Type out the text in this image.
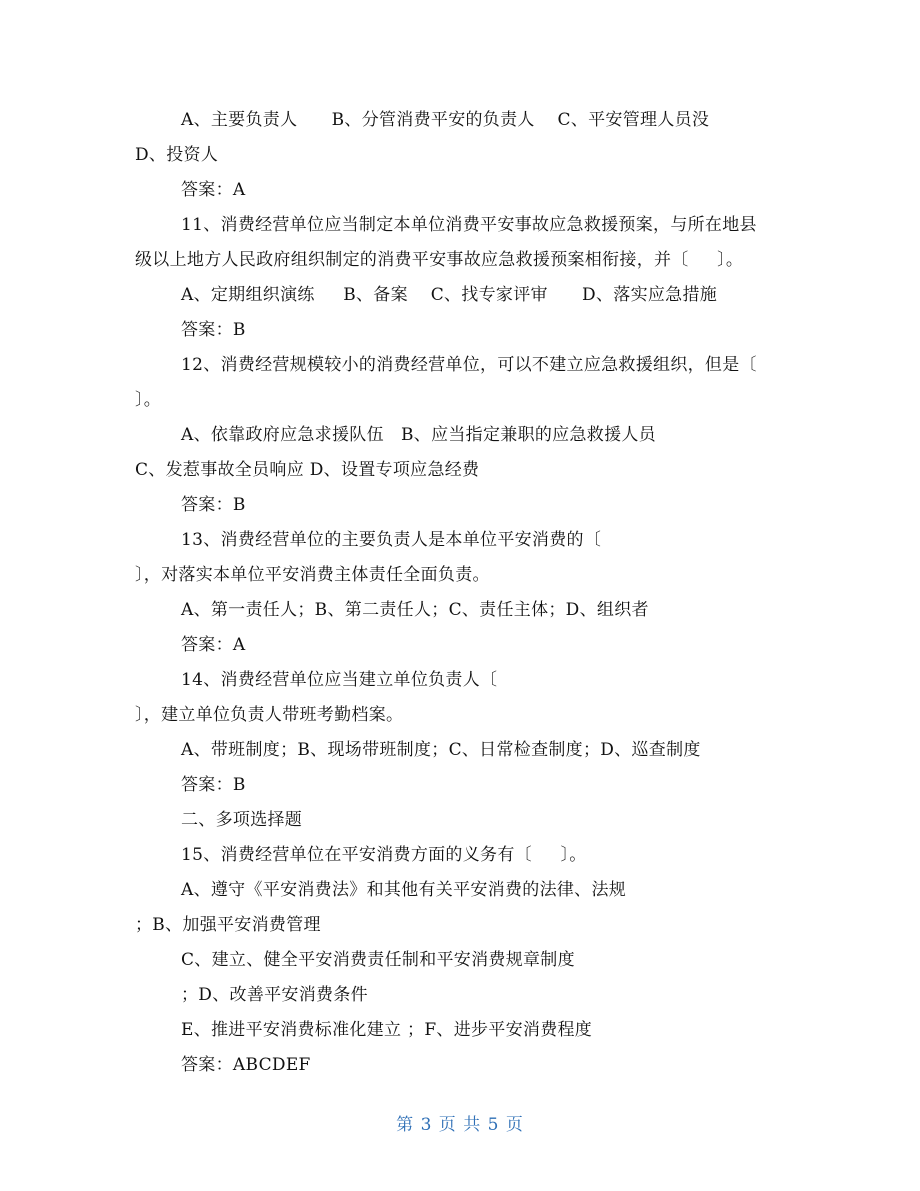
A、主要负责人      B、分管消费平安的负责人    C、平安管理人员没
D、投资人
答案：A
11、消费经营单位应当制定本单位消费平安事故应急救援预案，与所在地县
级以上地方人民政府组织制定的消费平安事故应急救援预案相衔接，并〔     〕。
A、定期组织演练     B、备案    C、找专家评审      D、落实应急措施
答案：B
12、消费经营规模较小的消费经营单位，可以不建立应急救援组织，但是〔
〕。
A、依靠政府应急求援队伍   B、应当指定兼职的应急救援人员
C、发惹事故全员响应 D、设置专项应急经费
答案：B
13、消费经营单位的主要负责人是本单位平安消费的〔
〕，对落实本单位平安消费主体责任全面负责。
A、第一责任人；B、第二责任人；C、责任主体；D、组织者
答案：A
14、消费经营单位应当建立单位负责人〔
〕，建立单位负责人带班考勤档案。
A、带班制度；B、现场带班制度；C、日常检查制度；D、巡查制度
答案：B
二、多项选择题
15、消费经营单位在平安消费方面的义务有〔     〕。
A、遵守《平安消费法》和其他有关平安消费的法律、法规
；B、加强平安消费管理
C、建立、健全平安消费责任制和平安消费规章制度
；D、改善平安消费条件
E、推进平安消费标准化建立 ；F、进步平安消费程度
答案：ABCDEF
第 3 页 共 5 页
